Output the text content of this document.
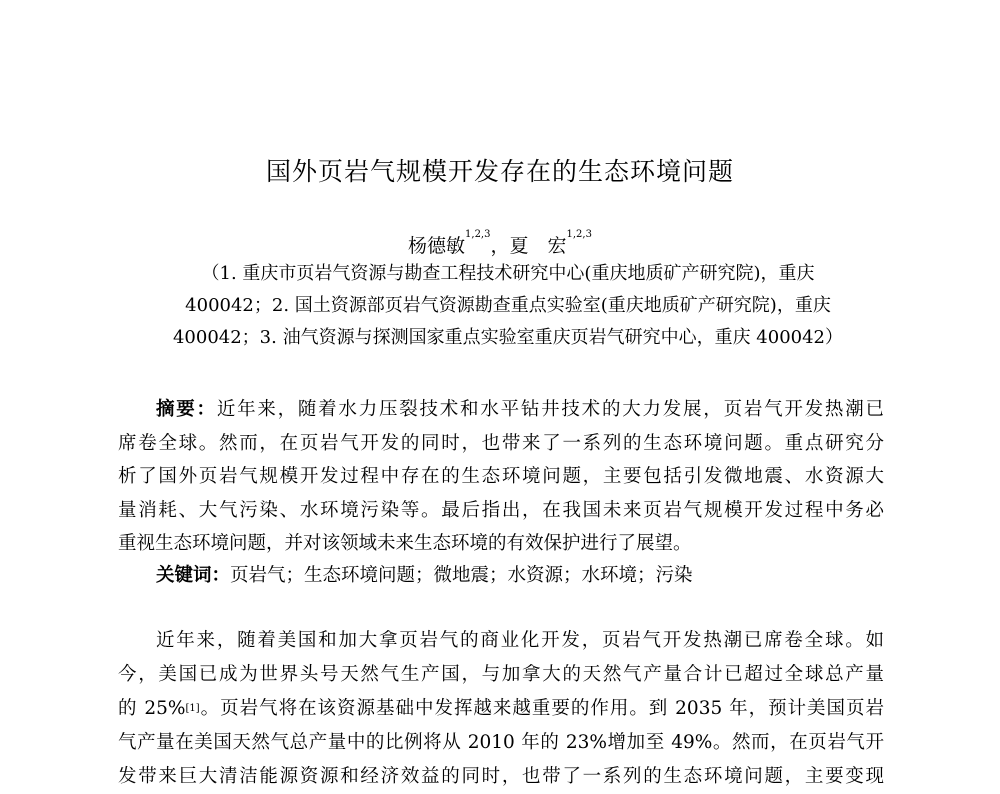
国外页岩气规模开发存在的生态环境问题
杨德敏$^{1,2,3}$，夏　宏$^{1,2,3}$
（1. 重庆市页岩气资源与勘查工程技术研究中心(重庆地质矿产研究院)，重庆
400042；2. 国土资源部页岩气资源勘查重点实验室(重庆地质矿产研究院)，重庆
400042；3. 油气资源与探测国家重点实验室重庆页岩气研究中心，重庆 400042）
摘要：近年来，随着水力压裂技术和水平钻井技术的大力发展，页岩气开发热潮已
席卷全球。然而，在页岩气开发的同时，也带来了一系列的生态环境问题。重点研究分
析了国外页岩气规模开发过程中存在的生态环境问题，主要包括引发微地震、水资源大
量消耗、大气污染、水环境污染等。最后指出，在我国未来页岩气规模开发过程中务必
重视生态环境问题，并对该领域未来生态环境的有效保护进行了展望。
关键词：页岩气；生态环境问题；微地震；水资源；水环境；污染
近年来，随着美国和加大拿页岩气的商业化开发，页岩气开发热潮已席卷全球。如
今，美国已成为世界头号天然气生产国，与加拿大的天然气产量合计已超过全球总产量
的 25%[1]。页岩气将在该资源基础中发挥越来越重要的作用。到 2035 年，预计美国页岩
气产量在美国天然气总产量中的比例将从 2010 年的 23%增加至 49%。然而，在页岩气开
发带来巨大清洁能源资源和经济效益的同时，也带了一系列的生态环境问题，主要变现
